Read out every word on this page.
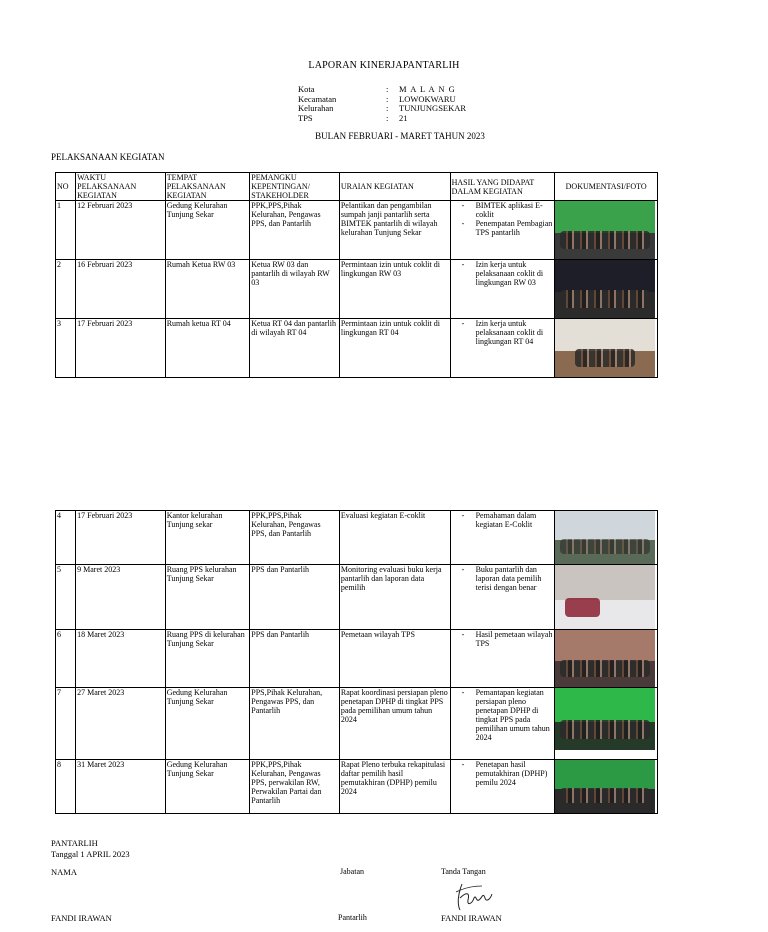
LAPORAN KINERJAPANTARLIH
Kota	: M A L A N G
Kecamatan	: LOWOKWARU
Kelurahan	: TUNJUNGSEKAR
TPS	: 21
BULAN FEBRUARI - MARET TAHUN 2023
PELAKSANAAN KEGIATAN
NO	WAKTU PELAKSANAAN KEGIATAN	TEMPAT PELAKSANAAN KEGIATAN	PEMANGKU KEPENTINGAN/ STAKEHOLDER	URAIAN KEGIATAN	HASIL YANG DIDAPAT DALAM KEGIATAN	DOKUMENTASI/FOTO
1	12 Februari 2023	Gedung Kelurahan Tunjung Sekar	PPK,PPS,Pihak Kelurahan, Pengawas PPS, dan Pantarlih	Pelantikan dan pengambilan sumpah janji pantarlih serta BIMTEK pantarlih di wilayah kelurahan Tunjung Sekar	- BIMTEK aplikasi E-coklit
- Penempatan Pembagian TPS pantarlih	

2	16 Februari 2023	Rumah Ketua RW 03	Ketua RW 03 dan pantarlih di wilayah RW 03	Permintaan izin untuk coklit di lingkungan RW 03	- Izin kerja untuk pelaksanaan coklit di lingkungan RW 03	

3	17 Februari 2023	Rumah ketua RT 04	Ketua RT 04 dan pantarlih di wilayah RT 04	Permintaan izin untuk coklit di lingkungan RT 04	- Izin kerja untuk pelaksanaan coklit di lingkungan RT 04	

4	17 Februari 2023	Kantor kelurahan Tunjung sekar	PPK,PPS,Pihak Kelurahan, Pengawas PPS, dan Pantarlih	Evaluasi kegiatan E-coklit	- Pemahaman dalam kegiatan E-Coklit	

5	9 Maret 2023	Ruang PPS kelurahan Tunjung Sekar	PPS dan Pantarlih	Monitoring evaluasi buku kerja pantarlih dan laporan data pemilih	- Buku pantarlih dan laporan data pemilih terisi dengan benar	

6	18 Maret 2023	Ruang PPS di kelurahan Tunjung Sekar	PPS dan Pantarlih	Pemetaan wilayah TPS	- Hasil pemetaan wilayah TPS	

7	27 Maret 2023	Gedung Kelurahan Tunjung Sekar	PPS,Pihak Kelurahan, Pengawas PPS, dan Pantarlih	Rapat koordinasi persiapan pleno penetapan DPHP di tingkat PPS pada pemilihan umum tahun 2024	- Pemantapan kegiatan persiapan pleno penetapan DPHP di tingkat PPS pada pemilihan umum tahun 2024	

8	31 Maret 2023	Gedung Kelurahan Tunjung Sekar	PPK,PPS,Pihak Kelurahan, Pengawas PPS, perwakilan RW, Perwakilan Partai dan Pantarlih	Rapat Pleno terbuka rekapitulasi daftar pemilih hasil pemutakhiran (DPHP) pemilu 2024	- Penetapan hasil pemutakhiran (DPHP) pemilu 2024	

PANTARLIH
Tanggal 1 APRIL 2023
NAMA	Jabatan	Tanda Tangan
FANDI IRAWAN	Pantarlih	FANDI IRAWAN
